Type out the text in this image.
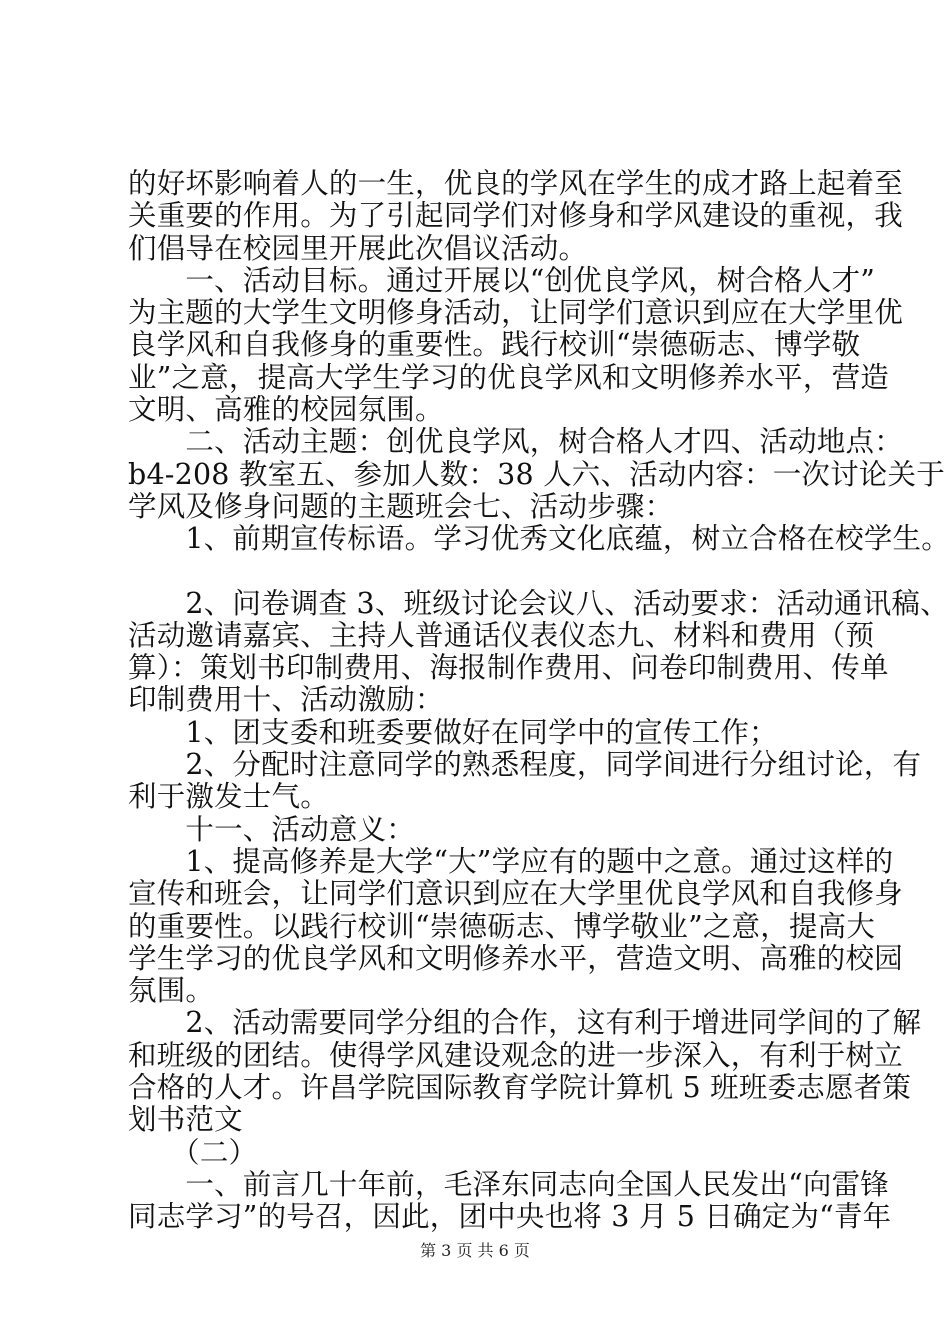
的好坏影响着人的一生，优良的学风在学生的成才路上起着至

关重要的作用。为了引起同学们对修身和学风建设的重视，我

们倡导在校园里开展此次倡议活动。

　　一、活动目标。通过开展以“创优良学风，树合格人才”

为主题的大学生文明修身活动，让同学们意识到应在大学里优

良学风和自我修身的重要性。践行校训“崇德砺志、博学敬

业”之意，提高大学生学习的优良学风和文明修养水平，营造

文明、高雅的校园氛围。

　　二、活动主题：创优良学风，树合格人才四、活动地点：

b4-208 教室五、参加人数：38 人六、活动内容：一次讨论关于

学风及修身问题的主题班会七、活动步骤：

　　1、前期宣传标语。学习优秀文化底蕴，树立合格在校学生。

　　2、问卷调查 3、班级讨论会议八、活动要求：活动通讯稿、

活动邀请嘉宾、主持人普通话仪表仪态九、材料和费用（预

算）：策划书印制费用、海报制作费用、问卷印制费用、传单

印制费用十、活动激励：

　　1、团支委和班委要做好在同学中的宣传工作；

　　2、分配时注意同学的熟悉程度，同学间进行分组讨论，有

利于激发士气。

　　十一、活动意义：

　　1、提高修养是大学“大”学应有的题中之意。通过这样的

宣传和班会，让同学们意识到应在大学里优良学风和自我修身

的重要性。以践行校训“崇德砺志、博学敬业”之意，提高大

学生学习的优良学风和文明修养水平，营造文明、高雅的校园

氛围。

　　2、活动需要同学分组的合作，这有利于增进同学间的了解

和班级的团结。使得学风建设观念的进一步深入，有利于树立

合格的人才。许昌学院国际教育学院计算机 5 班班委志愿者策

划书范文

　　（二）

　　一、前言几十年前，毛泽东同志向全国人民发出“向雷锋

同志学习”的号召，因此，团中央也将 3 月 5 日确定为“青年

第 3 页 共 6 页
